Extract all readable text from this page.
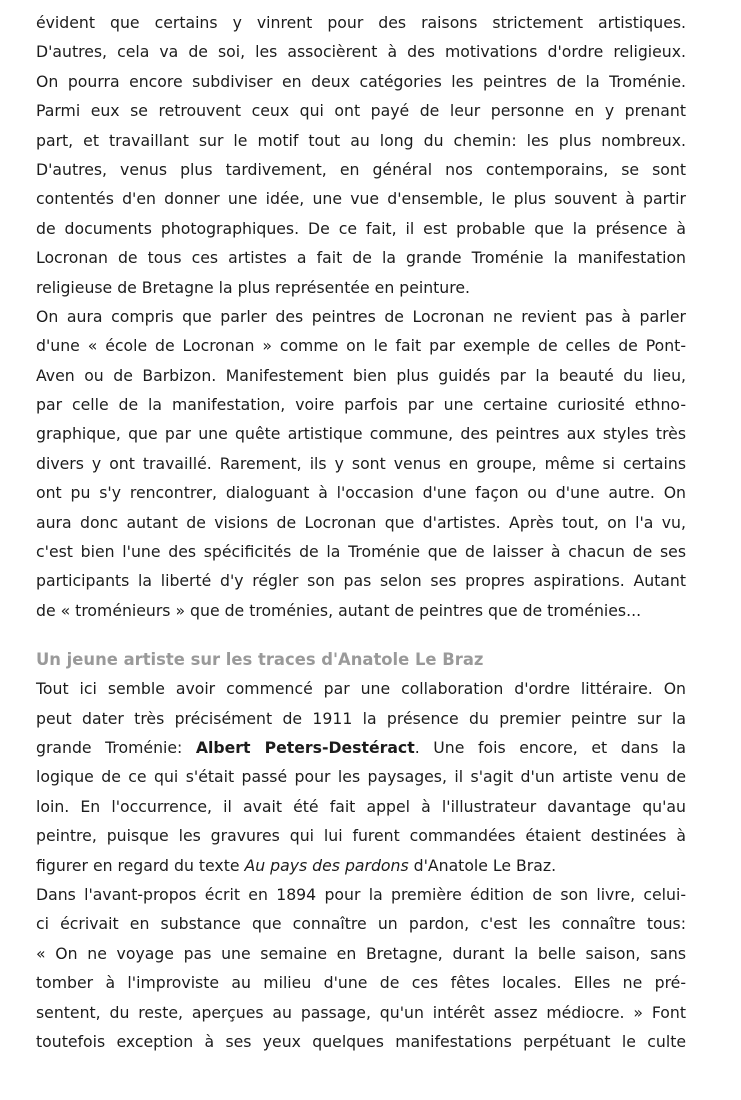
évident que certains y vinrent pour des raisons strictement artistiques.
D'autres, cela va de soi, les associèrent à des motivations d'ordre religieux.
On pourra encore subdiviser en deux catégories les peintres de la Troménie.
Parmi eux se retrouvent ceux qui ont payé de leur personne en y prenant
part, et travaillant sur le motif tout au long du chemin: les plus nombreux.
D'autres, venus plus tardivement, en général nos contemporains, se sont
contentés d'en donner une idée, une vue d'ensemble, le plus souvent à partir
de documents photographiques. De ce fait, il est probable que la présence à
Locronan de tous ces artistes a fait de la grande Troménie la manifestation
religieuse de Bretagne la plus représentée en peinture.
On aura compris que parler des peintres de Locronan ne revient pas à parler
d'une « école de Locronan » comme on le fait par exemple de celles de Pont-
Aven ou de Barbizon. Manifestement bien plus guidés par la beauté du lieu,
par celle de la manifestation, voire parfois par une certaine curiosité ethno-
graphique, que par une quête artistique commune, des peintres aux styles très
divers y ont travaillé. Rarement, ils y sont venus en groupe, même si certains
ont pu s'y rencontrer, dialoguant à l'occasion d'une façon ou d'une autre. On
aura donc autant de visions de Locronan que d'artistes. Après tout, on l'a vu,
c'est bien l'une des spécificités de la Troménie que de laisser à chacun de ses
participants la liberté d'y régler son pas selon ses propres aspirations. Autant
de « troménieurs » que de troménies, autant de peintres que de troménies...
Un jeune artiste sur les traces d'Anatole Le Braz
Tout ici semble avoir commencé par une collaboration d'ordre littéraire. On
peut dater très précisément de 1911 la présence du premier peintre sur la
grande Troménie: Albert Peters-Destéract. Une fois encore, et dans la
logique de ce qui s'était passé pour les paysages, il s'agit d'un artiste venu de
loin. En l'occurrence, il avait été fait appel à l'illustrateur davantage qu'au
peintre, puisque les gravures qui lui furent commandées étaient destinées à
figurer en regard du texte Au pays des pardons d'Anatole Le Braz.
Dans l'avant-propos écrit en 1894 pour la première édition de son livre, celui-
ci écrivait en substance que connaître un pardon, c'est les connaître tous:
« On ne voyage pas une semaine en Bretagne, durant la belle saison, sans
tomber à l'improviste au milieu d'une de ces fêtes locales. Elles ne pré-
sentent, du reste, aperçues au passage, qu'un intérêt assez médiocre. » Font
toutefois exception à ses yeux quelques manifestations perpétuant le culte
